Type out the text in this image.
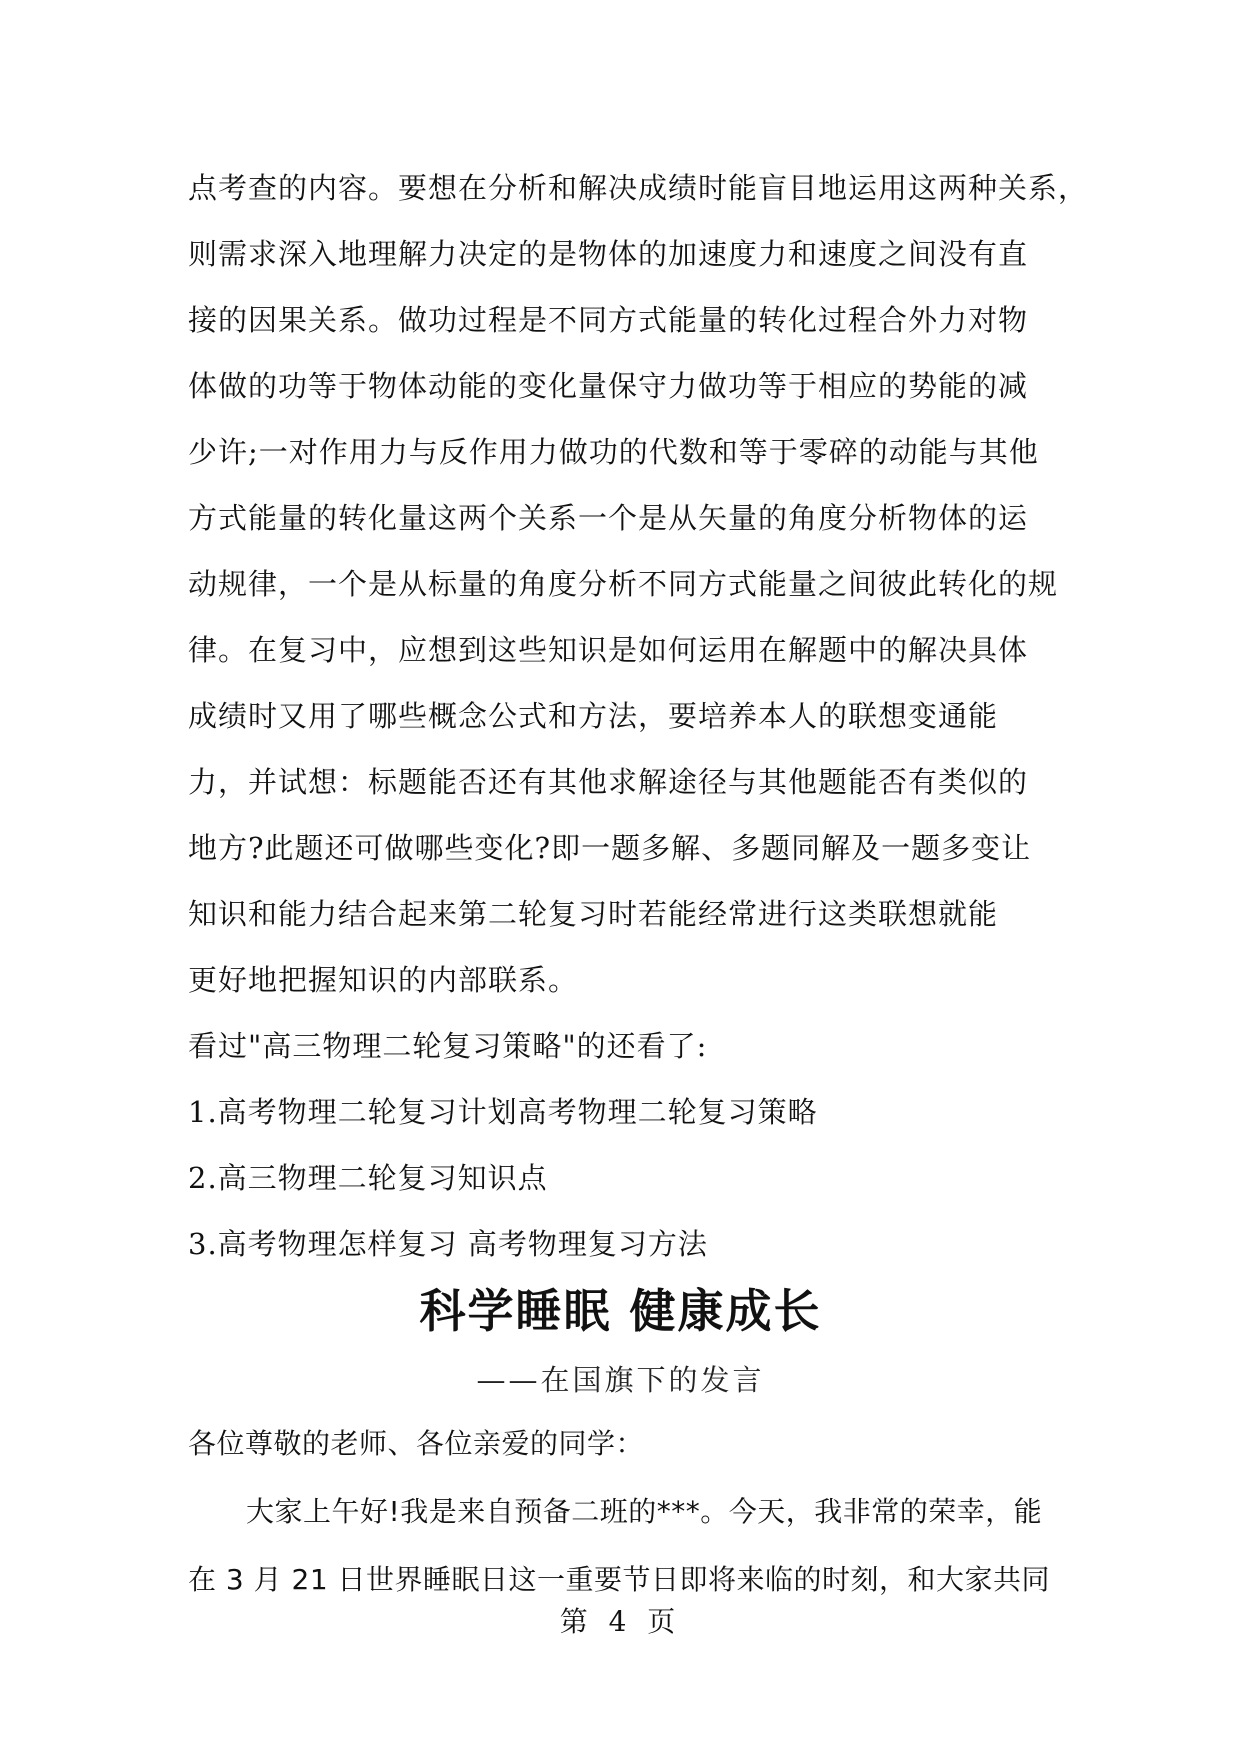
点考查的内容。要想在分析和解决成绩时能盲目地运用这两种关系，
则需求深入地理解力决定的是物体的加速度力和速度之间没有直
接的因果关系。做功过程是不同方式能量的转化过程合外力对物
体做的功等于物体动能的变化量保守力做功等于相应的势能的减
少许;一对作用力与反作用力做功的代数和等于零碎的动能与其他
方式能量的转化量这两个关系一个是从矢量的角度分析物体的运
动规律，一个是从标量的角度分析不同方式能量之间彼此转化的规
律。在复习中，应想到这些知识是如何运用在解题中的解决具体
成绩时又用了哪些概念公式和方法，要培养本人的联想变通能
力，并试想：标题能否还有其他求解途径与其他题能否有类似的
地方?此题还可做哪些变化?即一题多解、多题同解及一题多变让
知识和能力结合起来第二轮复习时若能经常进行这类联想就能
更好地把握知识的内部联系。
看过"高三物理二轮复习策略"的还看了:
1.高考物理二轮复习计划高考物理二轮复习策略
2.高三物理二轮复习知识点
3.高考物理怎样复习 高考物理复习方法
科学睡眠 健康成长
——在国旗下的发言
各位尊敬的老师、各位亲爱的同学：
大家上午好!我是来自预备二班的***。今天，我非常的荣幸，能
在 3 月 21 日世界睡眠日这一重要节日即将来临的时刻，和大家共同
第 4 页
